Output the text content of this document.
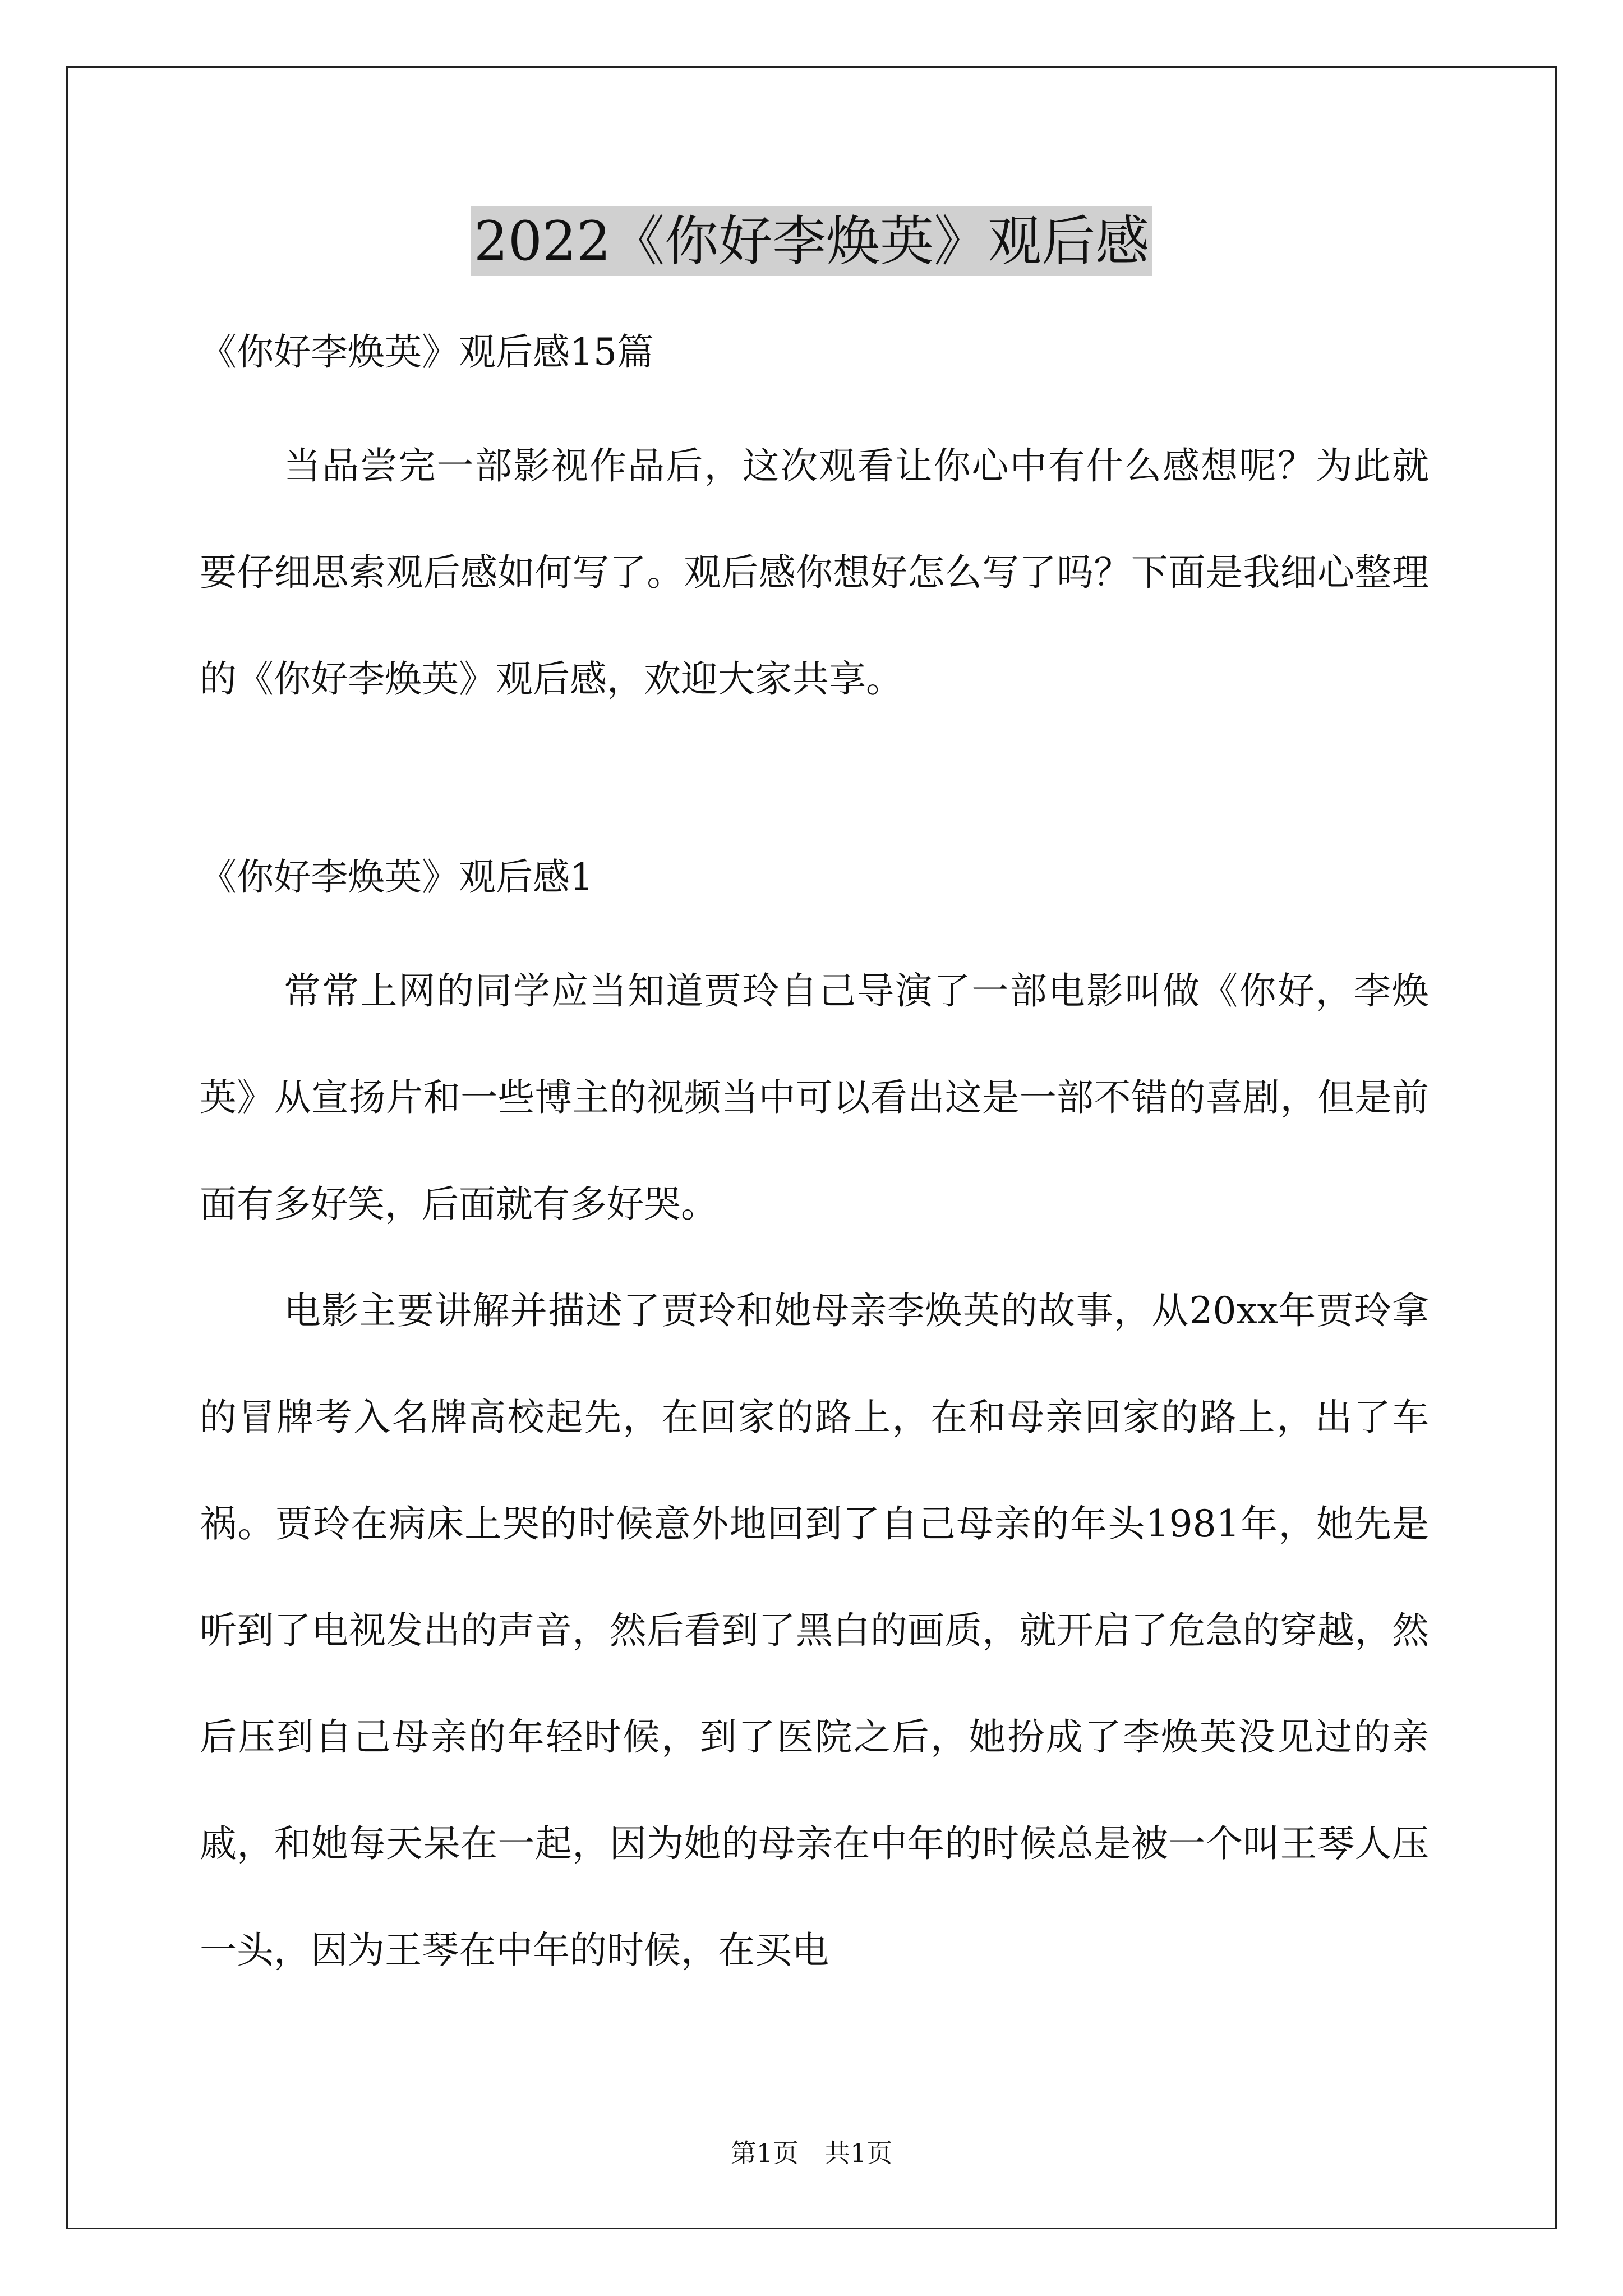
2022《你好李焕英》观后感

《你好李焕英》观后感15篇

当品尝完一部影视作品后，这次观看让你心中有什么感想呢？为此就要仔细思索观后感如何写了。观后感你想好怎么写了吗？下面是我细心整理的《你好李焕英》观后感，欢迎大家共享。

《你好李焕英》观后感1

常常上网的同学应当知道贾玲自己导演了一部电影叫做《你好，李焕英》从宣扬片和一些博主的视频当中可以看出这是一部不错的喜剧，但是前面有多好笑，后面就有多好哭。

电影主要讲解并描述了贾玲和她母亲李焕英的故事，从20xx年贾玲拿的冒牌考入名牌高校起先，在回家的路上，在和母亲回家的路上，出了车祸。贾玲在病床上哭的时候意外地回到了自己母亲的年头1981年，她先是听到了电视发出的声音，然后看到了黑白的画质，就开启了危急的穿越，然后压到自己母亲的年轻时候，到了医院之后，她扮成了李焕英没见过的亲戚，和她每天呆在一起，因为她的母亲在中年的时候总是被一个叫王琴人压一头，因为王琴在中年的时候，在买电

第1页　共1页
